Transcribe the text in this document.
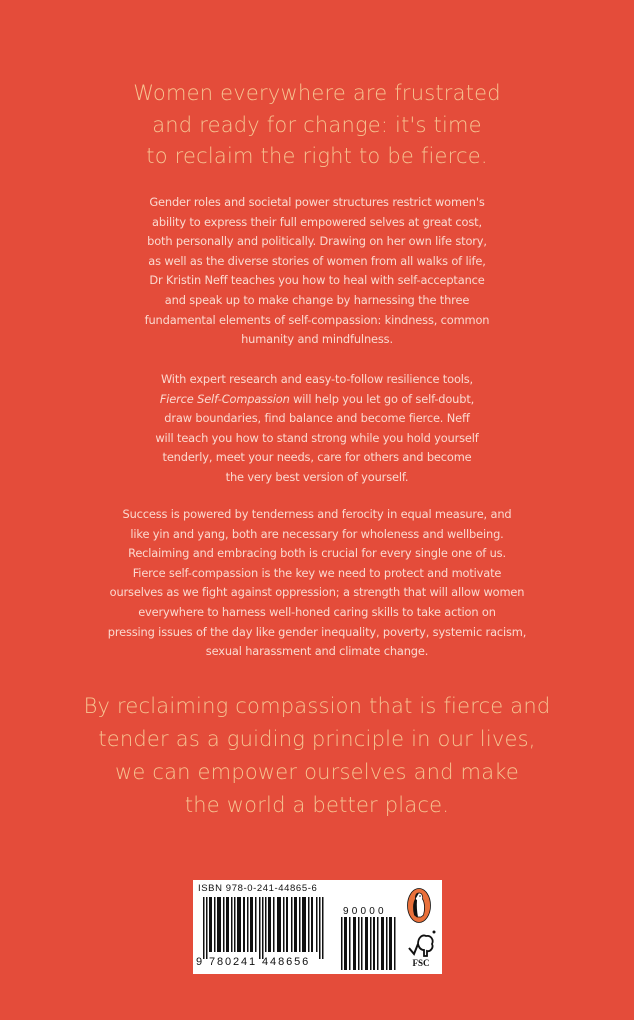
Women everywhere are frustrated
and ready for change: it's time
to reclaim the right to be fierce.
Gender roles and societal power structures restrict women's
ability to express their full empowered selves at great cost,
both personally and politically. Drawing on her own life story,
as well as the diverse stories of women from all walks of life,
Dr Kristin Neff teaches you how to heal with self-acceptance
and speak up to make change by harnessing the three
fundamental elements of self-compassion: kindness, common
humanity and mindfulness.
With expert research and easy-to-follow resilience tools,
Fierce Self-Compassion will help you let go of self-doubt,
draw boundaries, find balance and become fierce. Neff
will teach you how to stand strong while you hold yourself
tenderly, meet your needs, care for others and become
the very best version of yourself.
Success is powered by tenderness and ferocity in equal measure, and
like yin and yang, both are necessary for wholeness and wellbeing.
Reclaiming and embracing both is crucial for every single one of us.
Fierce self-compassion is the key we need to protect and motivate
ourselves as we fight against oppression; a strength that will allow women
everywhere to harness well-honed caring skills to take action on
pressing issues of the day like gender inequality, poverty, systemic racism,
sexual harassment and climate change.
By reclaiming compassion that is fierce and
tender as a guiding principle in our lives,
we can empower ourselves and make
the world a better place.
ISBN 978-0-241-44865-6
9 780241 448656
90000
FSC
